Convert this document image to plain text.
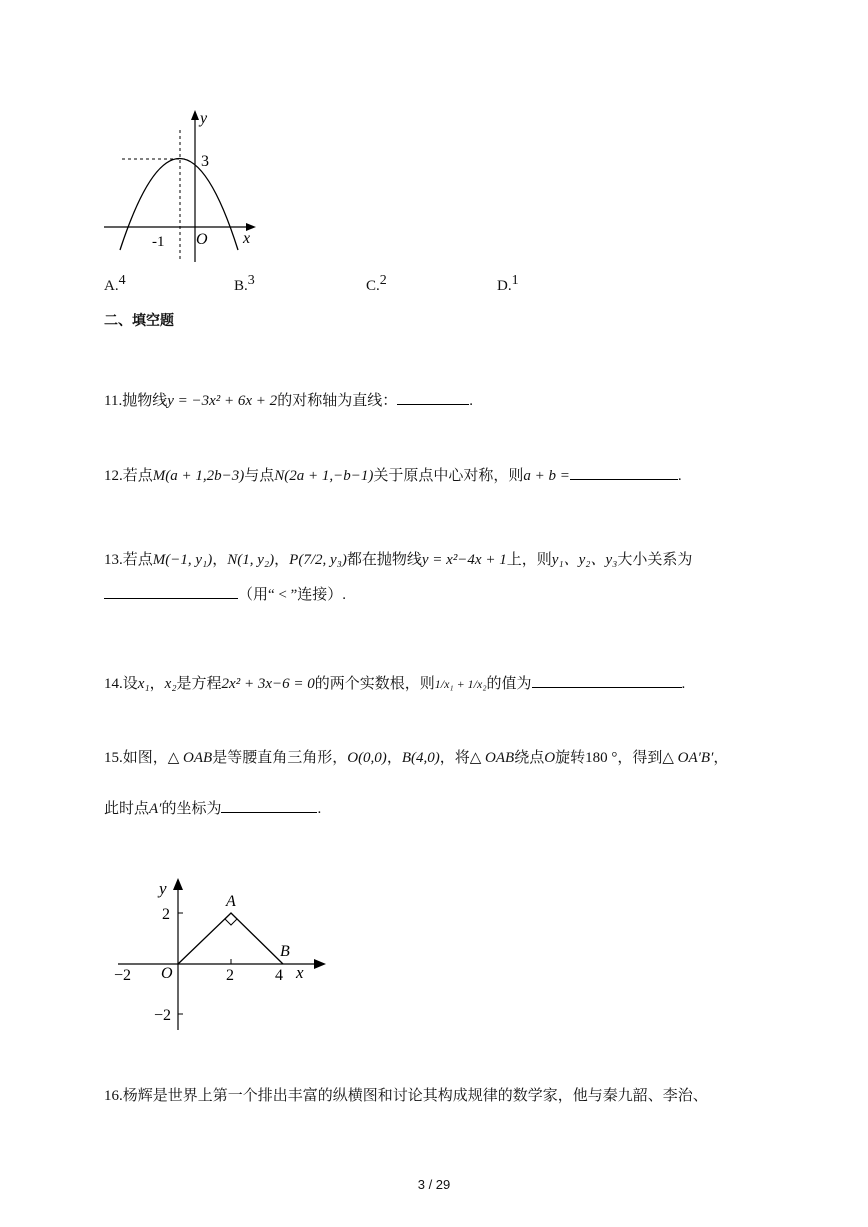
y
x
3
-1 O
A.4	B.3	C.2	D.1
二、填空题
11.抛物线y = −3x² + 6x + 2的对称轴为直线：	.
12.若点M(a + 1,2b−3)与点N(2a + 1,−b−1)关于原点中心对称，则a + b =	.
13.若点M(−1, y₁)，N(1, y₂)，P(7/2, y₃)都在抛物线y = x²−4x + 1上，则y₁、y₂、y₃大小关系为
（用“ < ”连接）.
14.设x₁，x₂是方程2x² + 3x−6 = 0的两个实数根，则1/x₁ + 1/x₂的值为	.
15.如图，△ OAB是等腰直角三角形，O(0,0)，B(4,0)，将△ OAB绕点O旋转180 °，得到△ OA′B′，
此时点A′的坐标为	.
y
x
A
B
O
2
−2	2	4
−2
16.杨辉是世界上第一个排出丰富的纵横图和讨论其构成规律的数学家，他与秦九韶、李治、
3 / 29
